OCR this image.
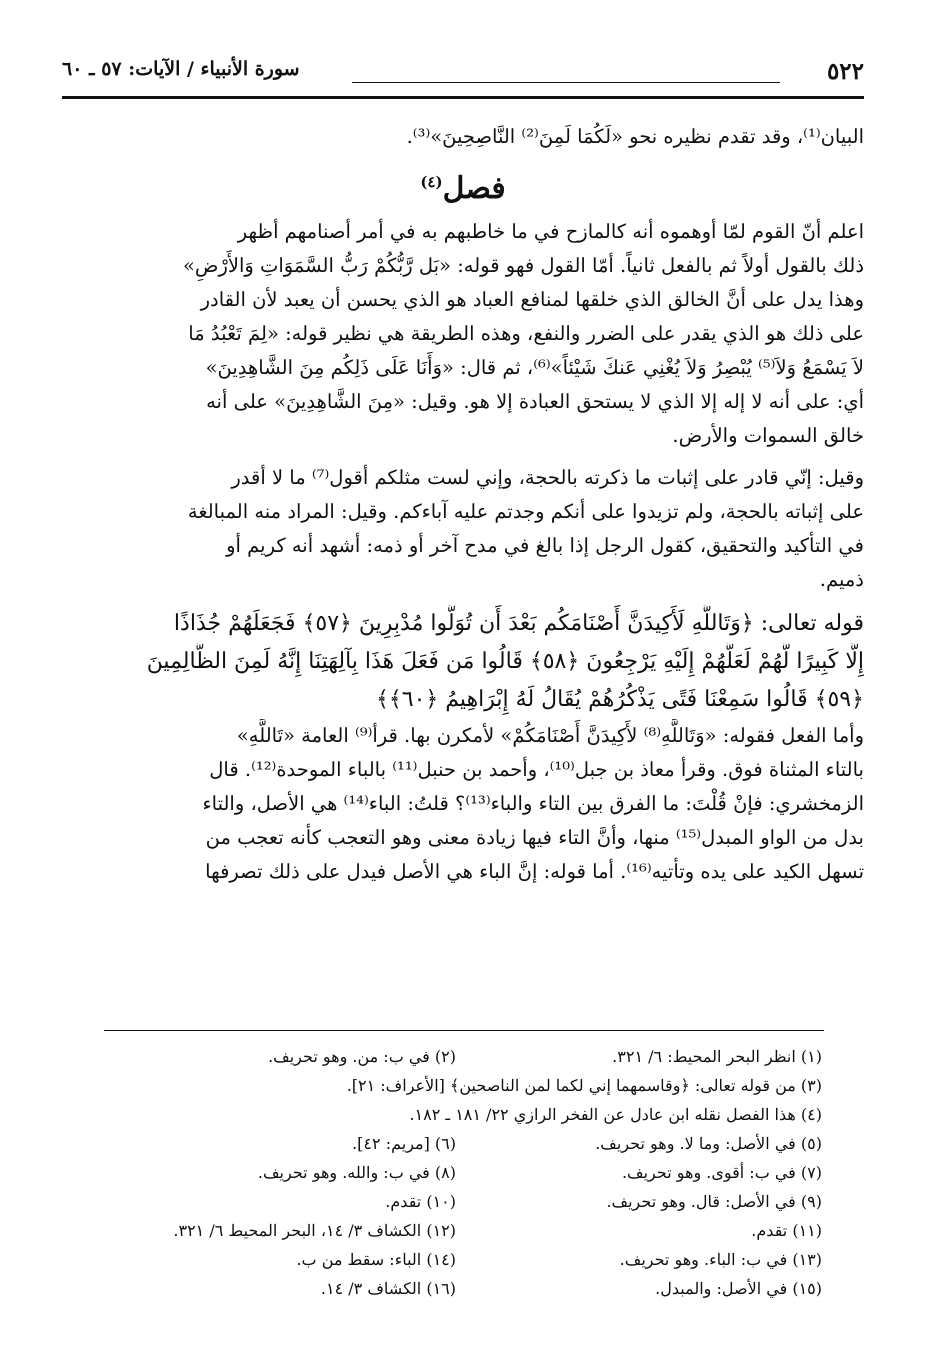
٥٢٢
سورة الأنبياء / الآيات: ٥٧ ـ ٦٠

البيان⁽¹⁾، وقد تقدم نظيره نحو «لَكُمَا لَمِنَ⁽²⁾ النَّاصِحِينَ»⁽³⁾.

فصل$^{(٤)}$
اعلم أنّ القوم لمّا أوهموه أنه كالمازح في ما خاطبهم به في أمر أصنامهم أظهر
ذلك بالقول أولاً ثم بالفعل ثانياً. أمّا القول فهو قوله: «بَل رَّبُّكُمْ رَبُّ السَّمَوَاتِ وَالأَرْضِ»
وهذا يدل على أنَّ الخالق الذي خلقها لمنافع العباد هو الذي يحسن أن يعبد لأن القادر
على ذلك هو الذي يقدر على الضرر والنفع، وهذه الطريقة هي نظير قوله: «لِمَ تَعْبُدُ مَا
لاَ يَسْمَعُ وَلاَ⁽⁵⁾ يُبْصِرُ وَلاَ يُغْنِي عَنكَ شَيْئاً»⁽⁶⁾، ثم قال: «وَأَنَا عَلَى ذَلِكُم مِنَ الشَّاهِدِينَ»
أي: على أنه لا إله إلا الذي لا يستحق العبادة إلا هو. وقيل: «مِنَ الشَّاهِدِينَ» على أنه
خالق السموات والأرض.
وقيل: إنّي قادر على إثبات ما ذكرته بالحجة، وإني لست مثلكم أقول⁽⁷⁾ ما لا أقدر
على إثباته بالحجة، ولم تزيدوا على أنكم وجدتم عليه آباءكم. وقيل: المراد منه المبالغة
في التأكيد والتحقيق، كقول الرجل إذا بالغ في مدح آخر أو ذمه: أشهد أنه كريم أو
ذميم.
قوله تعالى: ﴿وَتَاللَّهِ لَأَكِيدَنَّ أَصْنَامَكُم بَعْدَ أَن تُوَلُّوا مُدْبِرِينَ ﴿٥٧﴾ فَجَعَلَهُمْ جُذَاذًا
إِلَّا كَبِيرًا لَّهُمْ لَعَلَّهُمْ إِلَيْهِ يَرْجِعُونَ ﴿٥٨﴾ قَالُوا مَن فَعَلَ هَذَا بِآلِهَتِنَا إِنَّهُ لَمِنَ الظَّالِمِينَ
﴿٥٩﴾ قَالُوا سَمِعْنَا فَتًى يَذْكُرُهُمْ يُقَالُ لَهُ إِبْرَاهِيمُ ﴿٦٠﴾﴾
وأما الفعل فقوله: «وَتَاللَّهِ⁽⁸⁾ لأَكِيدَنَّ أَصْنَامَكُمْ» لأمكرن بها. قرأ⁽⁹⁾ العامة «تَاللَّهِ»
بالتاء المثناة فوق. وقرأ معاذ بن جبل⁽¹⁰⁾، وأحمد بن حنبل⁽¹¹⁾ بالباء الموحدة⁽¹²⁾. قال
الزمخشري: فإنْ قُلْتَ: ما الفرق بين التاء والباء⁽¹³⁾؟ قلتُ: الباء⁽¹⁴⁾ هي الأصل، والتاء
بدل من الواو المبدل⁽¹⁵⁾ منها، وأنَّ التاء فيها زيادة معنى وهو التعجب كأنه تعجب من
تسهل الكيد على يده وتأتيه⁽¹⁶⁾. أما قوله: إنَّ الباء هي الأصل فيدل على ذلك تصرفها
(١) انظر البحر المحيط: ٦/ ٣٢١.
(٢) في ب: من. وهو تحريف.
(٣) من قوله تعالى: ﴿وقاسمهما إني لكما لمن الناصحين﴾ [الأعراف: ٢١].
(٤) هذا الفصل نقله ابن عادل عن الفخر الرازي ٢٢/ ١٨١ ـ ١٨٢.
(٥) في الأصل: وما لا. وهو تحريف.
(٦) [مريم: ٤٢].
(٧) في ب: أقوى. وهو تحريف.
(٨) في ب: والله. وهو تحريف.
(٩) في الأصل: قال. وهو تحريف.
(١٠) تقدم.
(١١) تقدم.
(١٢) الكشاف ٣/ ١٤، البحر المحيط ٦/ ٣٢١.
(١٣) في ب: الباء. وهو تحريف.
(١٤) الباء: سقط من ب.
(١٥) في الأصل: والمبدل.
(١٦) الكشاف ٣/ ١٤.
